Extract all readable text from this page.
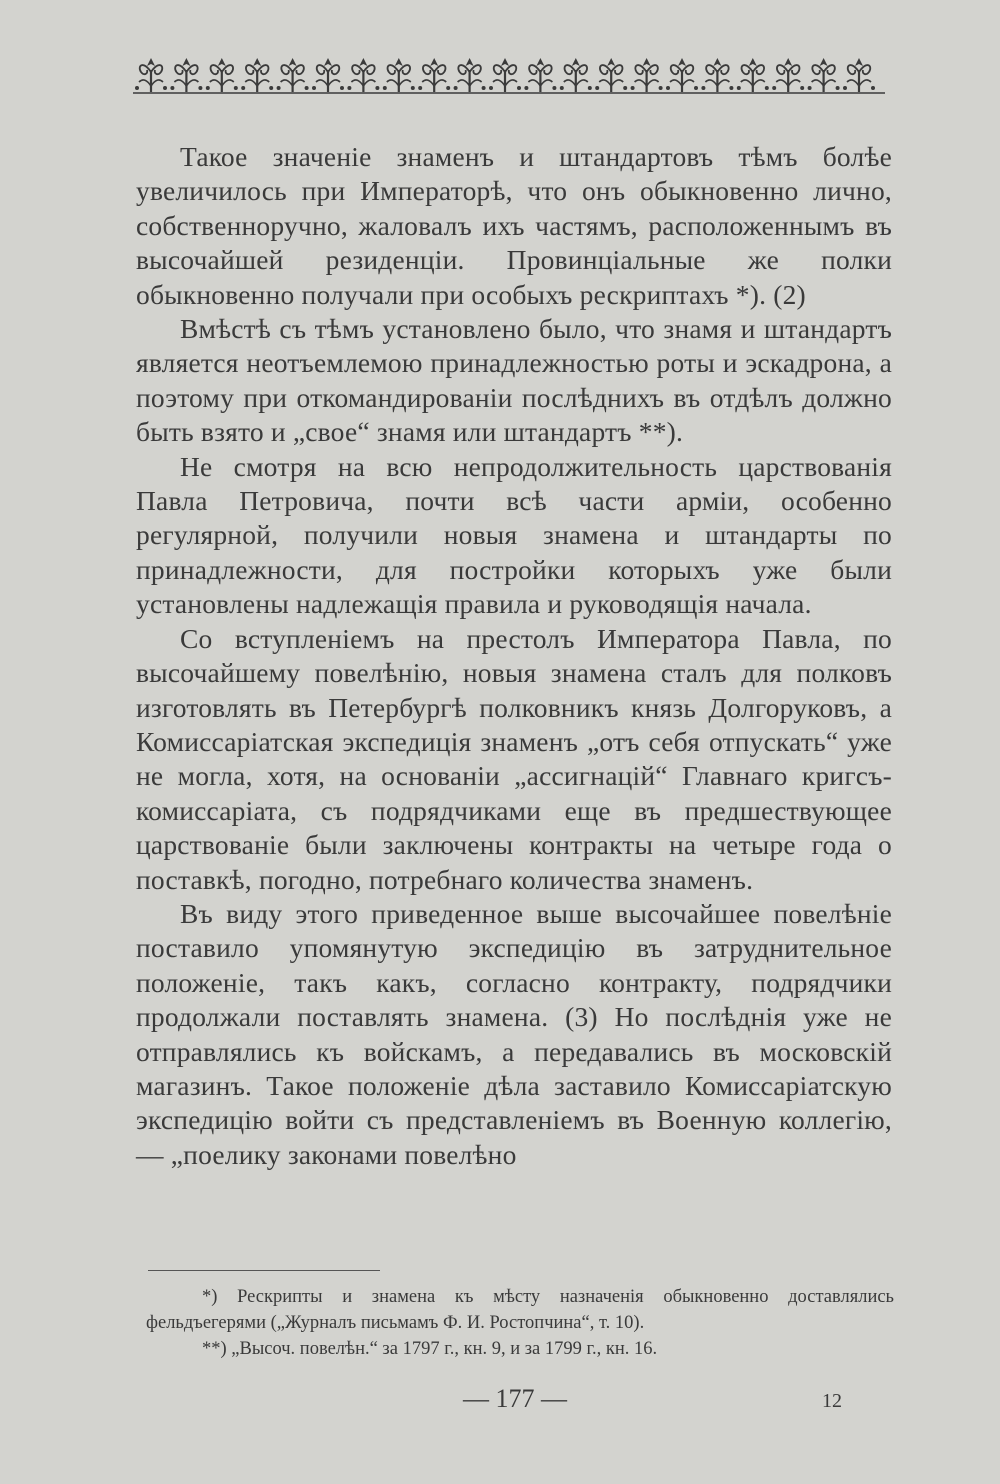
Такое значеніе знаменъ и штандартовъ тѣмъ болѣе увеличилось при Императорѣ, что онъ обыкновенно лично, собственноручно, жаловалъ ихъ частямъ, расположеннымъ въ высочайшей резиденціи. Провинціальные же полки обыкновенно получали при особыхъ рескриптахъ *). (2)

Вмѣстѣ съ тѣмъ установлено было, что знамя и штандартъ является неотъемлемою принадлежностью роты и эскадрона, а поэтому при откомандированіи послѣднихъ въ отдѣлъ должно быть взято и „свое“ знамя или штандартъ **).

Не смотря на всю непродолжительность царствованія Павла Петровича, почти всѣ части арміи, особенно регулярной, получили новыя знамена и штандарты по принадлежности, для постройки которыхъ уже были установлены надлежащія правила и руководящія начала.

Со вступленіемъ на престолъ Императора Павла, по высочайшему повелѣнію, новыя знамена сталъ для полковъ изготовлять въ Петербургѣ полковникъ князь Долгоруковъ, а Комиссаріатская экспедиція знаменъ „отъ себя отпускать“ уже не могла, хотя, на основаніи „ассигнацій“ Главнаго кригсъ-комиссаріата, съ подрядчиками еще въ предшествующее царствованіе были заключены контракты на четыре года о поставкѣ, погодно, потребнаго количества знаменъ.

Въ виду этого приведенное выше высочайшее повелѣніе поставило упомянутую экспедицію въ затруднительное положеніе, такъ какъ, согласно контракту, подрядчики продолжали поставлять знамена. (3) Но послѣднія уже не отправлялись къ войскамъ, а передавались въ московскій магазинъ. Такое положеніе дѣла заставило Комиссаріатскую экспедицію войти съ представленіемъ въ Военную коллегію, — „поелику законами повелѣно

*) Рескрипты и знамена къ мѣсту назначенія обыкновенно доставлялись фельдъегерями („Журналъ письмамъ Ф. И. Ростопчина“, т. 10).

**) „Высоч. повелѣн.“ за 1797 г., кн. 9, и за 1799 г., кн. 16.

— 177 —	12
